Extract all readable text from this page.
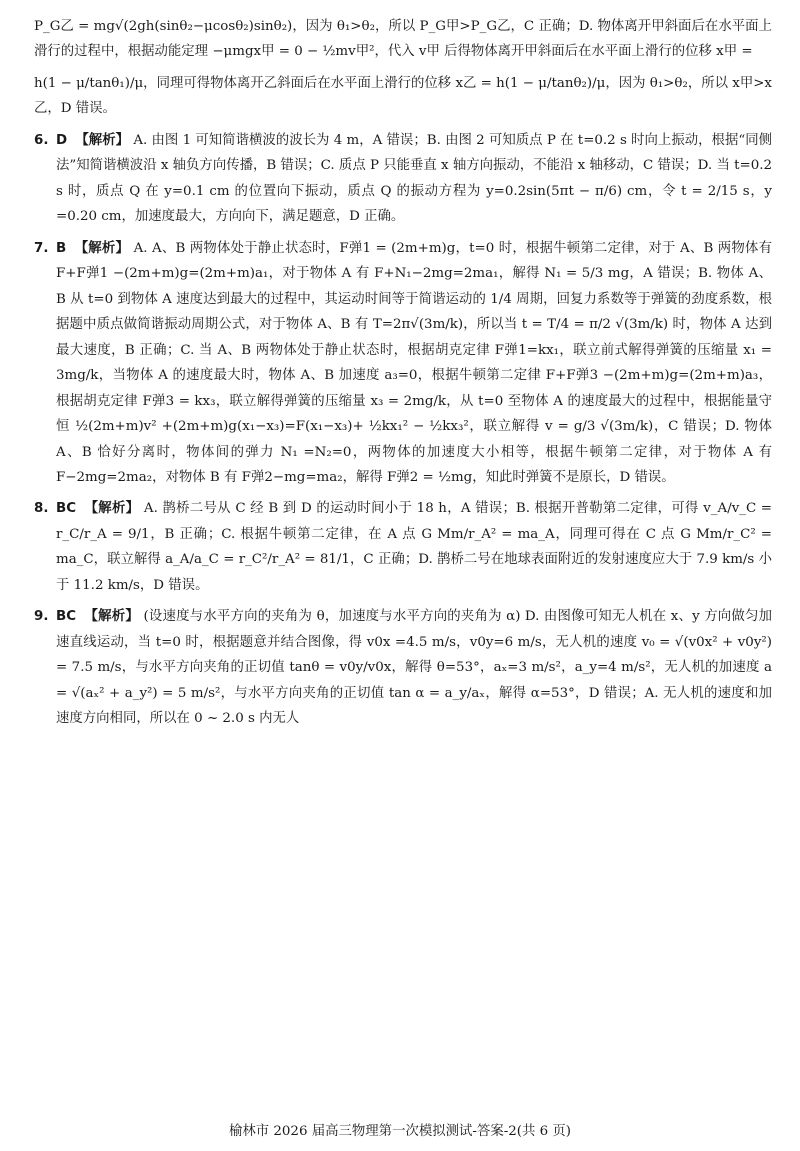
P_G乙 = mg√(2gh(sinθ₂−μcosθ₂)sinθ₂)，因为 θ₁>θ₂，所以 P_G甲>P_G乙，C 正确；D. 物体离开甲斜面后在水平面上滑行的过程中，根据动能定理 −μmgx甲 = 0 − ½mv甲²，代入 v甲 后得物体离开甲斜面后在水平面上滑行的位移 x甲 =

h(1 − μ/tanθ₁)/μ，同理可得物体离开乙斜面后在水平面上滑行的位移 x乙 = h(1 − μ/tanθ₂)/μ，因为 θ₁>θ₂，所以 x甲>x乙，D 错误。

6. D 【解析】 A. 由图 1 可知简谐横波的波长为 4 m，A 错误；B. 由图 2 可知质点 P 在 t=0.2 s 时向上振动，根据“同侧法”知简谐横波沿 x 轴负方向传播，B 错误；C. 质点 P 只能垂直 x 轴方向振动，不能沿 x 轴移动，C 错误；D. 当 t=0.2 s 时，质点 Q 在 y=0.1 cm 的位置向下振动，质点 Q 的振动方程为 y=0.2sin(5πt − π/6) cm，令 t = 2/15 s，y =0.20 cm，加速度最大，方向向下，满足题意，D 正确。
7. B 【解析】 A. A、B 两物体处于静止状态时，F弹1 = (2m+m)g，t=0 时，根据牛顿第二定律，对于 A、B 两物体有 F+F弹1 −(2m+m)g=(2m+m)a₁，对于物体 A 有 F+N₁−2mg=2ma₁，解得 N₁ = 5/3 mg，A 错误；B. 物体 A、B 从 t=0 到物体 A 速度达到最大的过程中，其运动时间等于简谐运动的 1/4 周期，回复力系数等于弹簧的劲度系数，根据题中质点做简谐振动周期公式，对于物体 A、B 有 T=2π√(3m/k)，所以当 t = T/4 = π/2 √(3m/k) 时，物体 A 达到最大速度，B 正确；C. 当 A、B 两物体处于静止状态时，根据胡克定律 F弹1=kx₁，联立前式解得弹簧的压缩量 x₁ = 3mg/k，当物体 A 的速度最大时，物体 A、B 加速度 a₃=0，根据牛顿第二定律 F+F弹3 −(2m+m)g=(2m+m)a₃，根据胡克定律 F弹3 = kx₃，联立解得弹簧的压缩量 x₃ = 2mg/k，从 t=0 至物体 A 的速度最大的过程中，根据能量守恒 ½(2m+m)v² +(2m+m)g(x₁−x₃)=F(x₁−x₃)+ ½kx₁² − ½kx₃²，联立解得 v = g/3 √(3m/k)，C 错误；D. 物体 A、B 恰好分离时，物体间的弹力 N₁ =N₂=0，两物体的加速度大小相等，根据牛顿第二定律，对于物体 A 有 F−2mg=2ma₂，对物体 B 有 F弹2−mg=ma₂，解得 F弹2 = ½mg，知此时弹簧不是原长，D 错误。
8. BC 【解析】 A. 鹊桥二号从 C 经 B 到 D 的运动时间小于 18 h，A 错误；B. 根据开普勒第二定律，可得 v_A/v_C = r_C/r_A = 9/1，B 正确；C. 根据牛顿第二定律，在 A 点 G Mm/r_A² = ma_A，同理可得在 C 点 G Mm/r_C² = ma_C，联立解得 a_A/a_C = r_C²/r_A² = 81/1，C 正确；D. 鹊桥二号在地球表面附近的发射速度应大于 7.9 km/s 小于 11.2 km/s，D 错误。
9. BC 【解析】 (设速度与水平方向的夹角为 θ，加速度与水平方向的夹角为 α) D. 由图像可知无人机在 x、y 方向做匀加速直线运动，当 t=0 时，根据题意并结合图像，得 v0x =4.5 m/s，v0y=6 m/s，无人机的速度 v₀ = √(v0x² + v0y²) = 7.5 m/s，与水平方向夹角的正切值 tanθ = v0y/v0x，解得 θ=53°，aₓ=3 m/s²，a_y=4 m/s²，无人机的加速度 a = √(aₓ² + a_y²) = 5 m/s²，与水平方向夹角的正切值 tan α = a_y/aₓ，解得 α=53°，D 错误；A. 无人机的速度和加速度方向相同，所以在 0 ~ 2.0 s 内无人
榆林市 2026 届高三物理第一次模拟测试-答案-2(共 6 页)
